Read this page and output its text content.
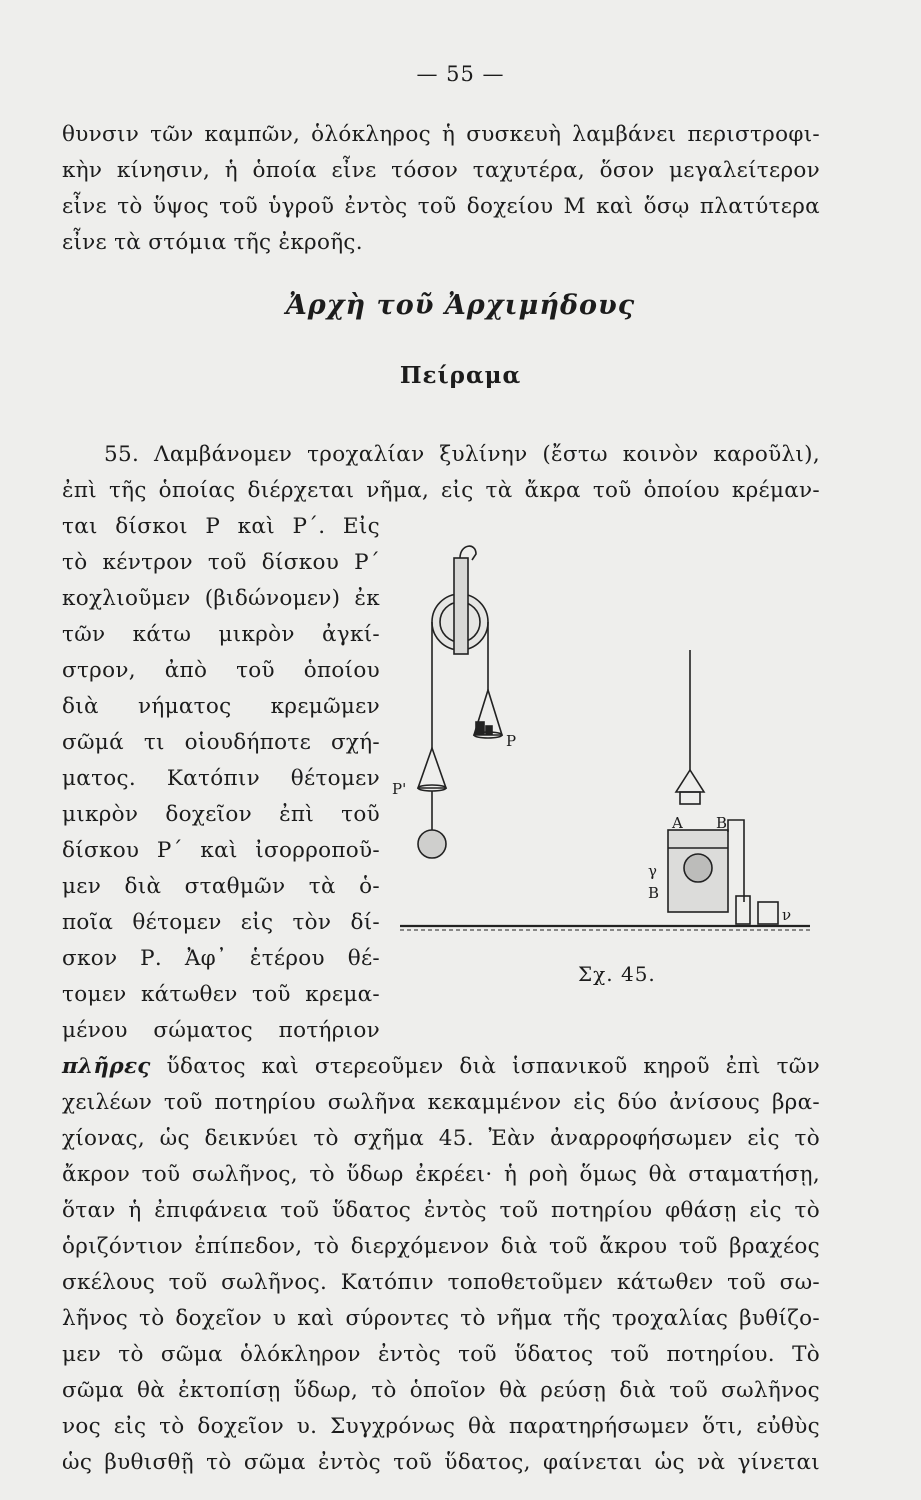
— 55 —
θυνσιν τῶν καμπῶν, ὁλόκληρος ἡ συσκευὴ λαμβάνει περιστροφι-
κὴν κίνησιν, ἡ ὁποία εἶνε τόσον ταχυτέρα, ὅσον μεγαλείτερον
εἶνε τὸ ὕψος τοῦ ὑγροῦ ἐντὸς τοῦ δοχείου Μ καὶ ὅσῳ πλατύτερα
εἶνε τὰ στόμια τῆς ἐκροῆς.
Ἀρχὴ τοῦ Ἀρχιμήδους
Πείραμα
55. Λαμβάνομεν τροχαλίαν ξυλίνην (ἔστω κοινὸν καροῦλι),
ἐπὶ τῆς ὁποίας διέρχεται νῆμα, εἰς τὰ ἄκρα τοῦ ὁποίου κρέμαν-
ται δίσκοι Ρ καὶ Ρ΄. Εἰς
τὸ κέντρον τοῦ δίσκου Ρ΄
κοχλιοῦμεν (βιδώνομεν) ἐκ
τῶν κάτω μικρὸν ἀγκί-
στρον, ἀπὸ τοῦ ὁποίου
διὰ νήματος κρεμῶμεν
σῶμά τι οἱουδήποτε σχή-
ματος. Κατόπιν θέτομεν
μικρὸν δοχεῖον ἐπὶ τοῦ
δίσκου Ρ΄ καὶ ἰσορροποῦ-
μεν διὰ σταθμῶν τὰ ὁ-
ποῖα θέτομεν εἰς τὸν δί-
σκον Ρ. Ἀφ᾽ ἑτέρου θέ-
τομεν κάτωθεν τοῦ κρεμα-
μένου σώματος ποτήριον
πλῆρες ὕδατος καὶ στερεοῦμεν διὰ ἱσπανικοῦ κηροῦ ἐπὶ τῶν
χειλέων τοῦ ποτηρίου σωλῆνα κεκαμμένον εἰς δύο ἀνίσους βρα-
χίονας, ὡς δεικνύει τὸ σχῆμα 45. Ἐὰν ἀναρροφήσωμεν εἰς τὸ
ἄκρον τοῦ σωλῆνος, τὸ ὕδωρ ἐκρέει· ἡ ροὴ ὅμως θὰ σταματήσῃ,
ὅταν ἡ ἐπιφάνεια τοῦ ὕδατος ἐντὸς τοῦ ποτηρίου φθάσῃ εἰς τὸ
ὁριζόντιον ἐπίπεδον, τὸ διερχόμενον διὰ τοῦ ἄκρου τοῦ βραχέος
σκέλους τοῦ σωλῆνος. Κατόπιν τοποθετοῦμεν κάτωθεν τοῦ σω-
λῆνος τὸ δοχεῖον υ καὶ σύροντες τὸ νῆμα τῆς τροχαλίας βυθίζο-
μεν τὸ σῶμα ὁλόκληρον ἐντὸς τοῦ ὕδατος τοῦ ποτηρίου. Τὸ
σῶμα θὰ ἐκτοπίσῃ ὕδωρ, τὸ ὁποῖον θὰ ρεύσῃ διὰ τοῦ σωλῆνος
νος εἰς τὸ δοχεῖον υ. Συγχρόνως θὰ παρατηρήσωμεν ὅτι, εὐθὺς
ὡς βυθισθῇ τὸ σῶμα ἐντὸς τοῦ ὕδατος, φαίνεται ὡς νὰ γίνεται
P
P'
A B
γ
B
ν
Σχ. 45.
